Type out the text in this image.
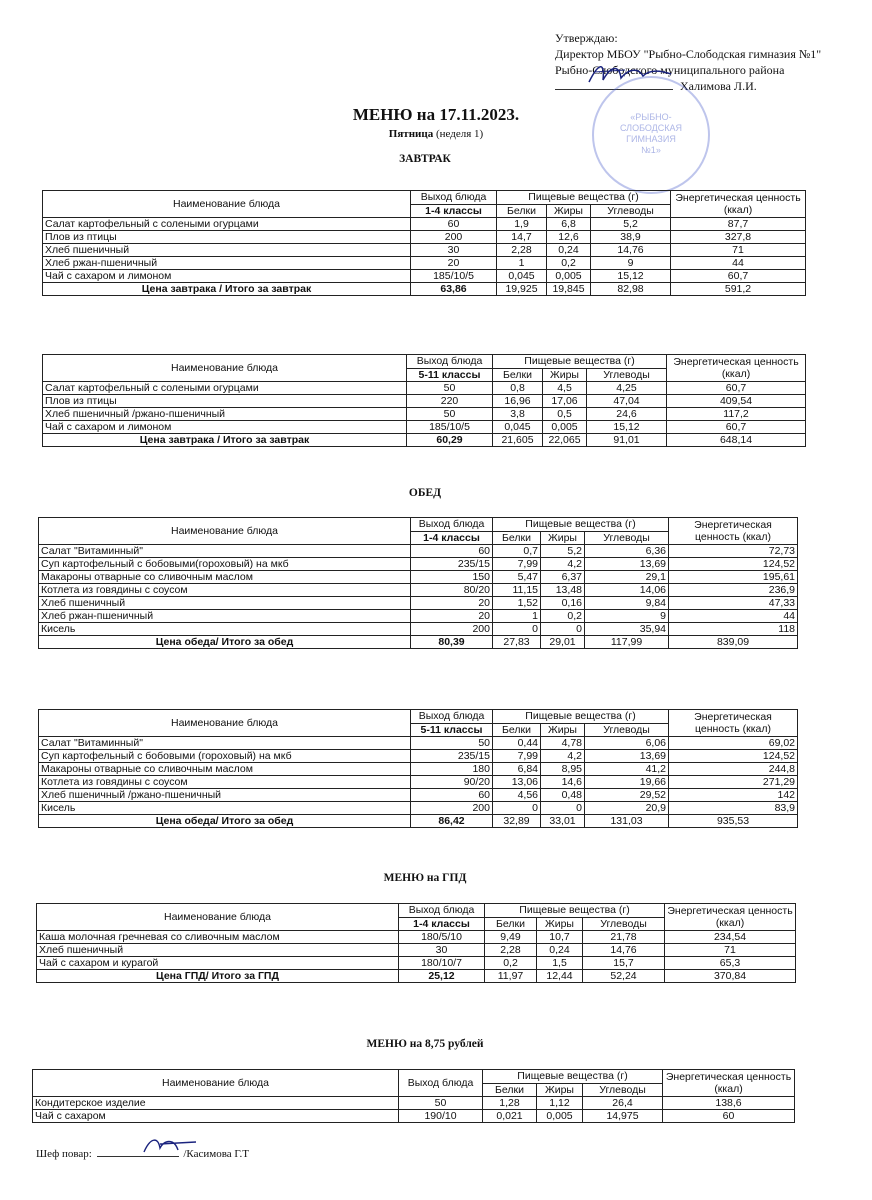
Утверждаю:
Директор МБОУ "Рыбно-Слободская гимназия №1"
Рыбно-Слободского муниципального района
Халимова Л.И.
«РЫБНО-
СЛОБОДСКАЯ
ГИМНАЗИЯ
№1»
МЕНЮ на 17.11.2023.
Пятница (неделя 1)
ЗАВТРАК
Наименование блюда	Выход блюда	Пищевые вещества (г)			Энергетическая ценность (ккал)
	1-4 классы	Белки	Жиры	Углеводы	
Салат картофельный с солеными огурцами	60	1,9	6,8	5,2	87,7
Плов из птицы	200	14,7	12,6	38,9	327,8
Хлеб пшеничный	30	2,28	0,24	14,76	71
Хлеб ржан-пшеничный	20	1	0,2	9	44
Чай с сахаром и лимоном	185/10/5	0,045	0,005	15,12	60,7
Цена завтрака / Итого за завтрак	63,86	19,925	19,845	82,98	591,2
Наименование блюда	Выход блюда	Пищевые вещества (г)			Энергетическая ценность (ккал)
	5-11 классы	Белки	Жиры	Углеводы	
Салат картофельный с солеными огурцами	50	0,8	4,5	4,25	60,7
Плов из птицы	220	16,96	17,06	47,04	409,54
Хлеб пшеничный /ржано-пшеничный	50	3,8	0,5	24,6	117,2
Чай с сахаром и лимоном	185/10/5	0,045	0,005	15,12	60,7
Цена завтрака / Итого за завтрак	60,29	21,605	22,065	91,01	648,14
ОБЕД
Наименование блюда	Выход блюда	Пищевые вещества (г)			Энергетическая ценность (ккал)
	1-4 классы	Белки	Жиры	Углеводы	
Салат "Витаминный"	60	0,7	5,2	6,36	72,73
Суп картофельный с бобовыми(гороховый) на мкб	235/15	7,99	4,2	13,69	124,52
Макароны отварные со сливочным маслом	150	5,47	6,37	29,1	195,61
Котлета из говядины с соусом	80/20	11,15	13,48	14,06	236,9
Хлеб пшеничный	20	1,52	0,16	9,84	47,33
Хлеб ржан-пшеничный	20	1	0,2	9	44
Кисель	200	0	0	35,94	118
Цена обеда/ Итого за обед	80,39	27,83	29,01	117,99	839,09
Наименование блюда	Выход блюда	Пищевые вещества (г)			Энергетическая ценность (ккал)
	5-11 классы	Белки	Жиры	Углеводы	
Салат "Витаминный"	50	0,44	4,78	6,06	69,02
Суп картофельный с бобовыми (гороховый) на мкб	235/15	7,99	4,2	13,69	124,52
Макароны отварные со сливочным маслом	180	6,84	8,95	41,2	244,8
Котлета из говядины с соусом	90/20	13,06	14,6	19,66	271,29
Хлеб пшеничный /ржано-пшеничный	60	4,56	0,48	29,52	142
Кисель	200	0	0	20,9	83,9
Цена обеда/ Итого за обед	86,42	32,89	33,01	131,03	935,53
МЕНЮ на ГПД
Наименование блюда	Выход блюда	Пищевые вещества (г)			Энергетическая ценность (ккал)
	1-4 классы	Белки	Жиры	Углеводы	
Каша молочная гречневая со сливочным маслом	180/5/10	9,49	10,7	21,78	234,54
Хлеб пшеничный	30	2,28	0,24	14,76	71
Чай с сахаром и курагой	180/10/7	0,2	1,5	15,7	65,3
Цена ГПД/ Итого за ГПД	25,12	11,97	12,44	52,24	370,84
МЕНЮ на 8,75 рублей
Наименование блюда	Выход блюда	Пищевые вещества (г)			Энергетическая ценность (ккал)
		Белки	Жиры	Углеводы	
Кондитерское изделие	50	1,28	1,12	26,4	138,6
Чай с сахаром	190/10	0,021	0,005	14,975	60
Шеф повар:	/Касимова Г.Т
